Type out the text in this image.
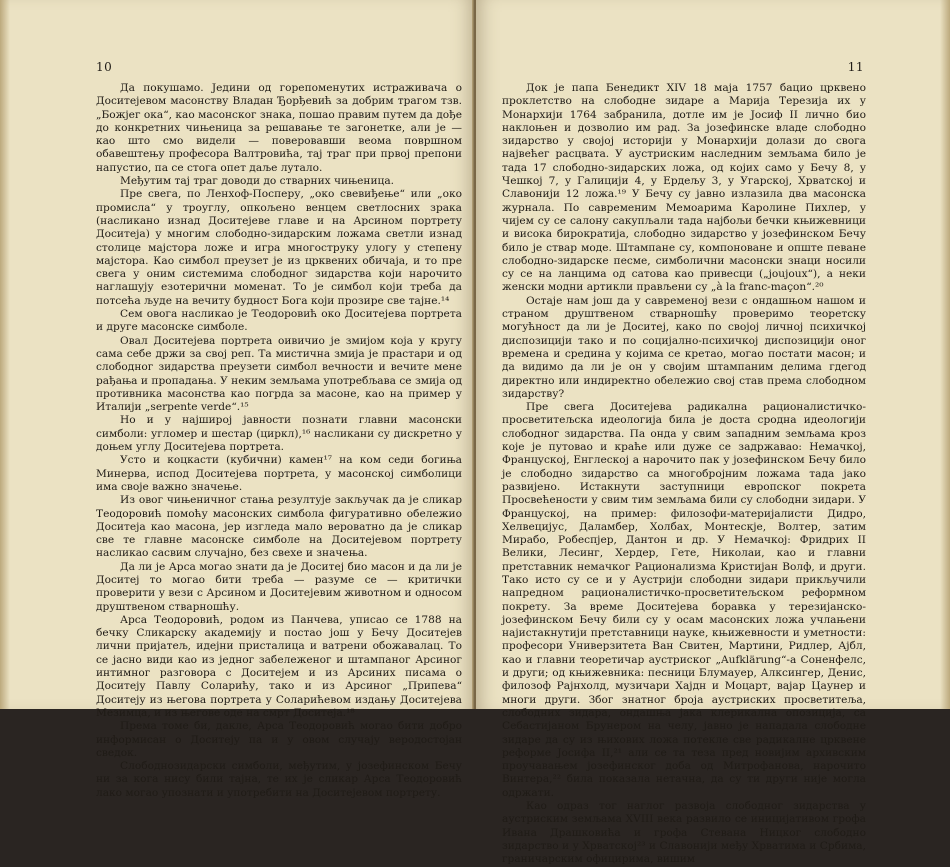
10

Да покушамо. Једини од горепоменутих истраживача о Доситејевом масонству Владан Ђорђевић за добрим трагом тзв. „Божјег ока“, као масонског знака, пошао правим путем да дође до конкретних чињеница за решавање те загонетке, али је — као што смо видели — поверовавши веома површном обавештењу професора Валтровића, тај траг при првој препони напустио, па се стога опет даље лутало.

Међутим тај траг доводи до стварних чињеница.

Пре свега, по Ленхоф-Посперу, „око свевиђење“ или „око промисла“ у троуглу, опкољено венцем светлосних зрака (насликано изнад Доситејеве главе и на Арсином портрету Доситеја) у многим слободно-зидарским ложама светли изнад столице мајстора ложе и игра многоструку улогу у степену мајстора. Као симбол преузет је из црквених обичаја, и то пре свега у оним системима слободног зидарства који нарочито наглашују езотерични моменат. То је симбол који треба да потсећа људе на вечиту будност Бога који прозире све тајне.¹⁴

Сем овога насликао је Теодоровић око Доситејева портрета и друге масонске симболе.

Овал Доситејева портрета оивичио је змијом која у кругу сама себе држи за свој реп. Та мистична змија је прастари и од слободног зидарства преузети симбол вечности и вечите мене рађања и пропадања. У неким земљама употребљава се змија од противника масонства као погрда за масоне, као на пример у Италији „serpente verde“.¹⁵

Но и у најширој јавности познати главни масонски симболи: угломер и шестар (циркл),¹⁶ насликани су дискретно у доњем углу Доситејева портрета.

Усто и коцкасти (кубични) камен¹⁷ на ком седи богиња Минерва, испод Доситејева портрета, у масонској симболици има своје важно значење.

Из овог чињеничног стања резултује закључак да је сликар Теодоровић помоћу масонских симбола фигуративно обележио Доситеја као масона, јер изгледа мало вероватно да је сликар све те главне масонске симболе на Доситејевом портрету насликао сасвим случајно, без свехе и значења.

Да ли је Арса могао знати да је Доситеј био масон и да ли је Доситеј то могао бити треба — разуме се — критички проверити у вези с Арсином и Доситејевим животном и односом друштвеном стварношћу.

Арса Теодоровић, родом из Панчева, уписао се 1788 на бечку Сликарску академију и постао још у Бечу Доситејев лични пријатељ, идејни присталица и ватрени обожавалац. То се јасно види као из једног забележеног и штампаног Арсиног интимног разговора с Доситејем и из Арсиних писама о Доситеју Павлу Соларићу, тако и из Арсиног „Припева“ Доситеју из његова портрета у Соларићевом издању Доситејева Мезимца, и из његове оде на смрт Доситеја.¹⁸

Према томе би, дакле, Арса Теодоровић могао бити добро информисан о Доситеју па и у овом случају веродостојан сведок.

Слободнозидарски симболи, међутим, у јозефинском Бечу ни за кога нису били тајна, те их је сликар Арса Теодоровић лако могао упознати и употребити на Доситејевом портрету.

11

Док је папа Бенедикт XIV 18 маја 1757 бацио црквено проклетство на слободне зидаре а Марија Терезија их у Монархији 1764 забранила, дотле им је Јосиф II лично био наклоњен и дозволио им рад. За јозефинске владе слободно зидарство у својој историји у Монархији долази до свога највећег расцвата. У аустриским наследним земљама било је тада 17 слободно-зидарских ложа, од којих само у Бечу 8, у Чешкој 7, у Галицији 4, у Ердељу 3, у Угарској, Хрватској и Славонији 12 ложа.¹⁹ У Бечу су јавно излазила два масонска журнала. По савременим Мемоарима Каролине Пихлер, у чијем су се салону сакупљали тада најбољи бечки књижевници и висока бирократија, слободно зидарство у јозефинском Бечу било је ствар моде. Штампане су, компоноване и опште певане слободно-зидарске песме, симболични масонски знаци носили су се на ланцима од сатова као привесци („joujoux“), а неки женски модни артикли прављени су „à la franc-maçon“.²⁰

Остаје нам још да у савременој вези с ондашњом нашом и страном друштвеном стварношћу проверимо теоретску могућност да ли је Доситеј, како по својој личној психичкој диспозицији тако и по социјално-психичкој диспозицији оног времена и средина у којима се кретао, могао постати масон; и да видимо да ли је он у својим штампаним делима гдегод директно или индиректно обележио свој став према слободном зидарству?

Пре свега Доситејева радикална рационалистичко-просветитељска идеологија била је доста сродна идеологији слободног зидарства. Па онда у свим западним земљама кроз које је путовао и краће или дуже се задржавао: Немачкој, Француској, Енглеској а нарочито пак у јозефинском Бечу било је слободно зидарство са многобројним ложама тада јако развијено. Истакнути заступници европског покрета Просвећености у свим тим земљама били су слободни зидари. У Француској, на пример: филозофи-материјалисти Дидро, Хелвецијус, Даламбер, Холбах, Монтескје, Волтер, затим Мирабо, Робеспјер, Дантон и др. У Немачкој: Фридрих II Велики, Лесинг, Хердер, Гете, Николаи, као и главни претставник немачког Рационализма Кристијан Волф, и други. Тако исто су се и у Аустрији слободни зидари прикључили напредном рационалистичко-просветитељском реформном покрету. За време Доситејева боравка у терезијанско-јозефинском Бечу били су у осам масонских ложа учлањени најистакнутији претставници науке, књижевности и уметности: професори Универзитета Ван Свитен, Мартини, Ридлер, Ајбл, као и главни теоретичар аустриског „Aufklärung“-а Соненфелс, и други; од књижевника: песници Блумауер, Алксингер, Денис, филозоф Рајнхолд, музичари Хајдн и Моцарт, вајар Цаунер и многи други. Због знатног броја аустриских просветитеља, слободних зидара, ондашња јака клерикална опозиција, са Себастијаном Брунером на челу, јавно је нападала слободне зидаре да су из њихових ложа потекле све радикалне црквене реформе Јосифа II,²¹ али се та теза пред новијим архивским проучавањем јозефинског доба од Митрофанова, нарочито Винтера,²² била показала нетачна, да су ти други није могла одржати.

Као одраз тог наглог развоја слободног зидарства у аустриским земљама XVIII века развило се иницијативом грофа Ивана Драшковића и грофа Стевана Ницког слободно зидарство и у Хрватској²³ и Славонији међу Хрватима и Србима, граничарским официрима, вишим
